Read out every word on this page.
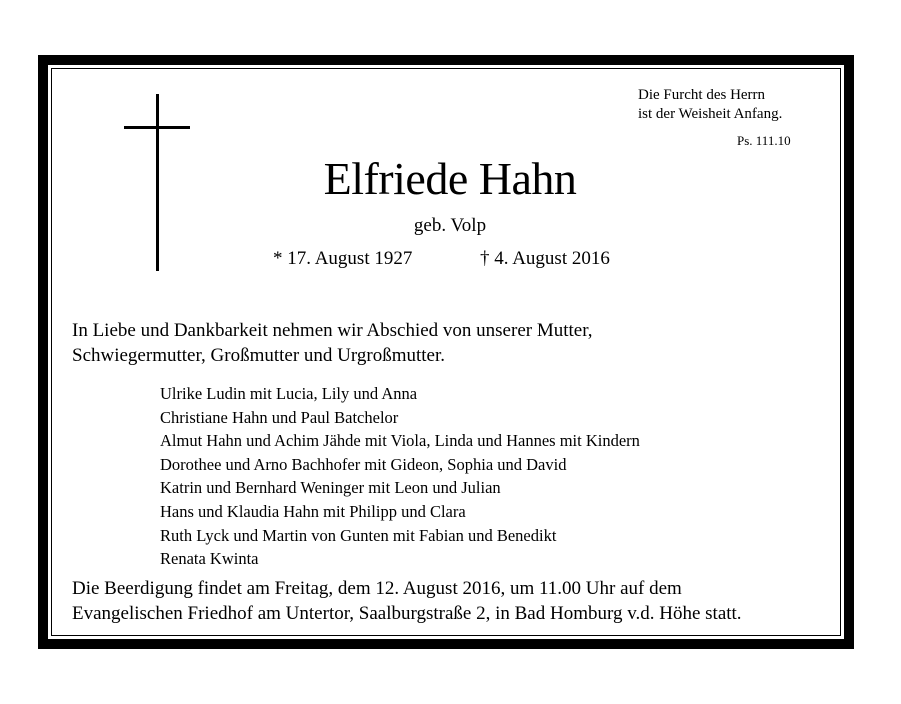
Die Furcht des Herrn
ist der Weisheit Anfang.
Ps. 111.10
Elfriede Hahn
geb. Volp
* 17. August 1927	† 4. August 2016
In Liebe und Dankbarkeit nehmen wir Abschied von unserer Mutter,
Schwiegermutter, Großmutter und Urgroßmutter.
Ulrike Ludin mit Lucia, Lily und Anna
Christiane Hahn und Paul Batchelor
Almut Hahn und Achim Jähde mit Viola, Linda und Hannes mit Kindern
Dorothee und Arno Bachhofer mit Gideon, Sophia und David
Katrin und Bernhard Weninger mit Leon und Julian
Hans und Klaudia Hahn mit Philipp und Clara
Ruth Lyck und Martin von Gunten mit Fabian und Benedikt
Renata Kwinta
Die Beerdigung findet am Freitag, dem 12. August 2016, um 11.00 Uhr auf dem
Evangelischen Friedhof am Untertor, Saalburgstraße 2, in Bad Homburg v.d. Höhe statt.
